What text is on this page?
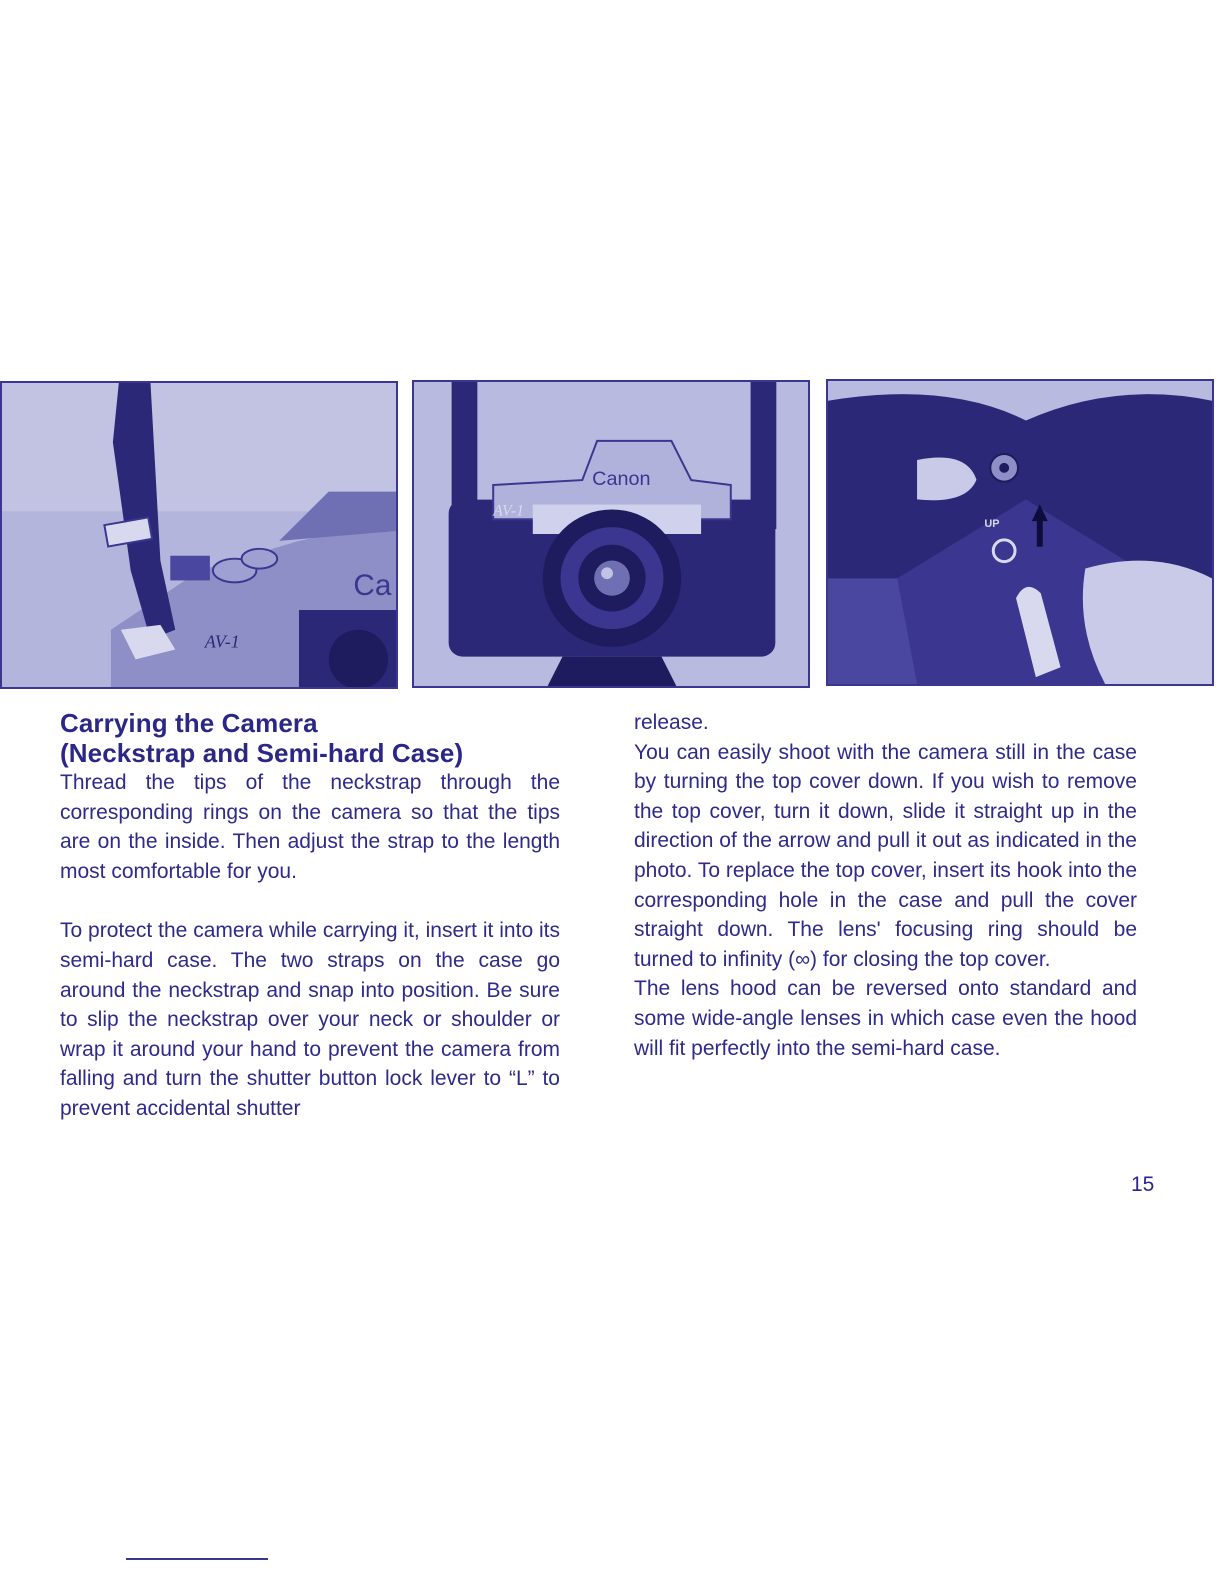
Ca
AV-1
Canon
AV-1
UP
Carrying the Camera
(Neckstrap and Semi-hard Case)

Thread the tips of the neckstrap through the corresponding rings on the camera so that the tips are on the inside. Then adjust the strap to the length most comfortable for you.

To protect the camera while carrying it, insert it into its semi-hard case. The two straps on the case go around the neckstrap and snap into position. Be sure to slip the neckstrap over your neck or shoulder or wrap it around your hand to prevent the camera from falling and turn the shutter button lock lever to “L” to prevent accidental shutter

release.

You can easily shoot with the camera still in the case by turning the top cover down. If you wish to remove the top cover, turn it down, slide it straight up in the direction of the arrow and pull it out as indicated in the photo. To replace the top cover, insert its hook into the corresponding hole in the case and pull the cover straight down. The lens' focusing ring should be turned to infinity (∞) for closing the top cover.

The lens hood can be reversed onto standard and some wide-angle lenses in which case even the hood will fit perfectly into the semi-hard case.

15
